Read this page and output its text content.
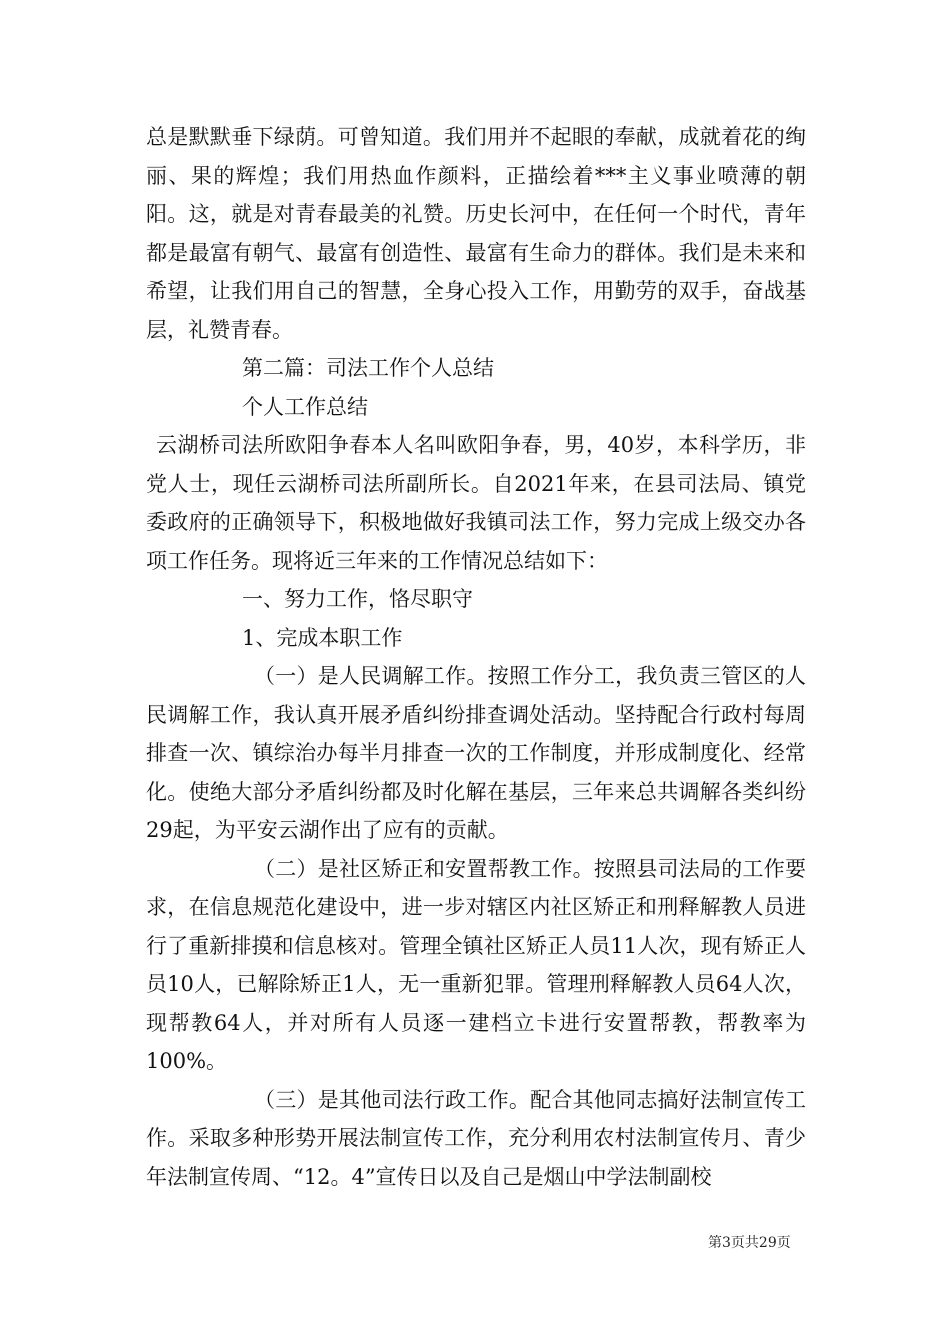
总是默默垂下绿荫。可曾知道。我们用并不起眼的奉献，成就着花的绚丽、果的辉煌；我们用热血作颜料，正描绘着***主义事业喷薄的朝阳。这，就是对青春最美的礼赞。历史长河中，在任何一个时代，青年都是最富有朝气、最富有创造性、最富有生命力的群体。我们是未来和希望，让我们用自己的智慧，全身心投入工作，用勤劳的双手，奋战基层，礼赞青春。

第二篇：司法工作个人总结

个人工作总结

云湖桥司法所欧阳争春本人名叫欧阳争春，男，40岁，本科学历，非党人士，现任云湖桥司法所副所长。自2021年来，在县司法局、镇党委政府的正确领导下，积极地做好我镇司法工作，努力完成上级交办各项工作任务。现将近三年来的工作情况总结如下：

一、努力工作，恪尽职守

1、完成本职工作

（一）是人民调解工作。按照工作分工，我负责三管区的人民调解工作，我认真开展矛盾纠纷排查调处活动。坚持配合行政村每周排查一次、镇综治办每半月排查一次的工作制度，并形成制度化、经常化。使绝大部分矛盾纠纷都及时化解在基层，三年来总共调解各类纠纷29起，为平安云湖作出了应有的贡献。

（二）是社区矫正和安置帮教工作。按照县司法局的工作要求，在信息规范化建设中，进一步对辖区内社区矫正和刑释解教人员进行了重新排摸和信息核对。管理全镇社区矫正人员11人次，现有矫正人员10人，已解除矫正1人，无一重新犯罪。管理刑释解教人员64人次，现帮教64人，并对所有人员逐一建档立卡进行安置帮教，帮教率为100%。

（三）是其他司法行政工作。配合其他同志搞好法制宣传工作。采取多种形势开展法制宣传工作，充分利用农村法制宣传月、青少年法制宣传周、“12。4”宣传日以及自己是烟山中学法制副校

第3页共29页
